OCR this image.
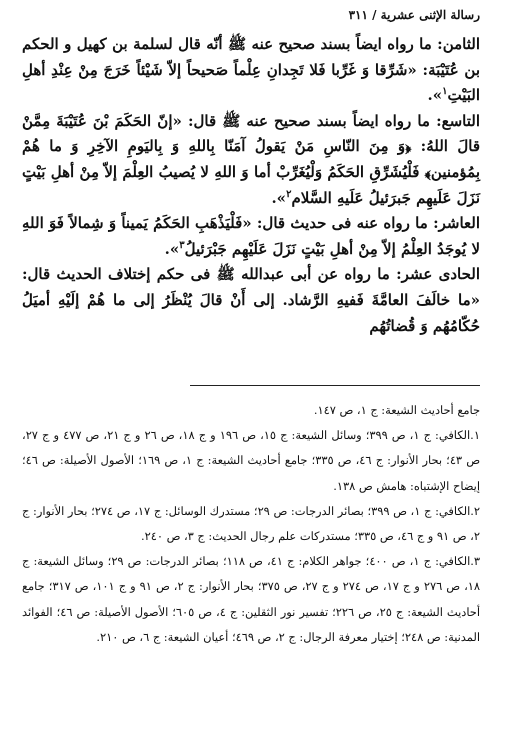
رسالة الإثنى عشرية / ٣١١

الثامن: ما رواه ايضاً بسند صحيح عنه ﷺ أنّه قال لسلمة بن كهيل و الحكم بن عُتَيْبَة: «شَرِّقا وَ غَرِّبا فَلا تَجِدانِ عِلْماً صَحيحاً إلاّ شَيْئاً خَرَجَ مِنْ عِنْدِ أهلِ البَيْتِ$^١$».

التاسع: ما رواه ايضاً بسند صحيح عنه ﷺ قال: «إنّ الحَكَمَ بْنَ عُتَيْبَةَ مِمَّنْ قالَ اللهُ: ﴿وَ مِنَ النّاسِ مَنْ يَقولُ آمَنّا بِاللهِ وَ بِاليَومِ الآخِرِ وَ ما هُمْ بِمُؤمنين﴾ فَلْيُشَرِّقِ الحَكَمُ وَلْيُغَرِّبْ أما وَ اللهِ لا يُصيبُ العِلْمَ إلاّ مِنْ أهلِ بَيْتٍ نَزَلَ عَلَيهِم جَبرَئيلُ عَلَيهِ السَّلام$^٢$».

العاشر: ما رواه عنه فى حديث قال: «فَلْيَذْهَبِ الحَكَمُ يَميناً وَ شِمالاً فَوَ اللهِ لا يُوجَدُ العِلْمُ إلاّ مِنْ أهلِ بَيْتٍ نَزَلَ عَلَيْهِم جَبْرَئيلُ$^٣$».

الحادى عشر: ما رواه عن أبى عبدالله ﷺ فى حكم إختلاف الحديث قال: «ما خالَفَ العامَّةَ فَفيهِ الرَّشاد. إلى أَنْ قالَ يُنْظَرُ إلى ما هُمْ إلَيْهِ أميَلُ حُكّامُهُم وَ قُضاتُهُم

جامع أحاديث الشيعة: ج ١، ص ١٤٧.

١.الكافي: ج ١، ص ٣٩٩؛ وسائل الشيعة: ج ١٥، ص ١٩٦ و ج ١٨، ص ٢٦ و ج ٢١، ص ٤٧٧ و ج ٢٧، ص ٤٣؛ بحار الأنوار: ج ٤٦، ص ٣٣٥؛ جامع أحاديث الشيعة: ج ١، ص ١٦٩؛ الأصول الأصيلة: ص ٤٦؛ إيضاح الإشتباه: هامش ص ١٣٨.

٢.الكافي: ج ١، ص ٣٩٩؛ بصائر الدرجات: ص ٢٩؛ مستدرك الوسائل: ج ١٧، ص ٢٧٤؛ بحار الأنوار: ج ٢، ص ٩١ و ج ٤٦، ص ٣٣٥؛ مستدركات علم رجال الحديث: ج ٣، ص ٢٤٠.

٣.الكافي: ج ١، ص ٤٠٠؛ جواهر الكلام: ج ٤١، ص ١١٨؛ بصائر الدرجات: ص ٢٩؛ وسائل الشيعة: ج ١٨، ص ٢٧٦ و ج ١٧، ص ٢٧٤ و ج ٢٧، ص ٣٧٥؛ بحار الأنوار: ج ٢، ص ٩١ و ج ١٠١، ص ٣١٧؛ جامع أحاديث الشيعة: ج ٢٥، ص ٢٢٦؛ تفسير نور الثقلين: ج ٤، ص ٦٠٥؛ الأصول الأصيلة: ص ٤٦؛ الفوائد المدنية: ص ٢٤٨؛ إختيار معرفة الرجال: ج ٢، ص ٤٦٩؛ أعيان الشيعة: ج ٦، ص ٢١٠.
